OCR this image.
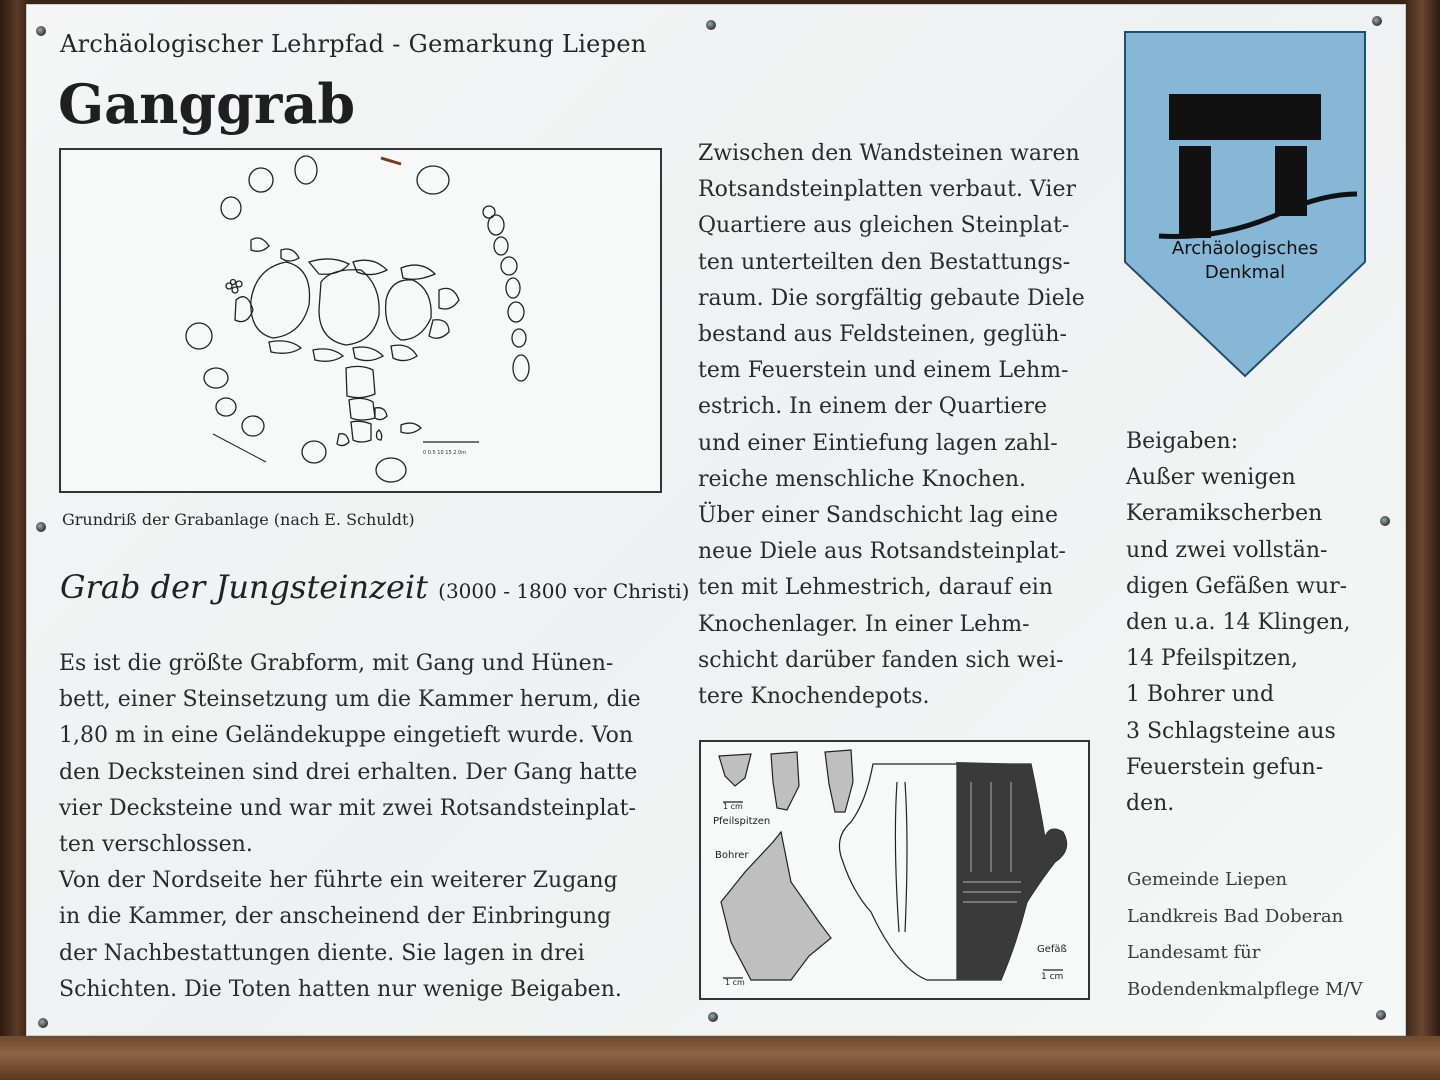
Archäologischer Lehrpfad - Gemarkung Liepen
Ganggrab
0 0.5 10 15 2.0m
Grundriß der Grabanlage (nach E. Schuldt)
Grab der Jungsteinzeit (3000 - 1800 vor Christi)
Es ist die größte Grabform, mit Gang und Hünen-
bett, einer Steinsetzung um die Kammer herum, die
1,80 m in eine Geländekuppe eingetieft wurde. Von
den Decksteinen sind drei erhalten. Der Gang hatte
vier Decksteine und war mit zwei Rotsandsteinplat-
ten verschlossen.
Von der Nordseite her führte ein weiterer Zugang
in die Kammer, der anscheinend der Einbringung
der Nachbestattungen diente. Sie lagen in drei
Schichten. Die Toten hatten nur wenige Beigaben.
Zwischen den Wandsteinen waren
Rotsandsteinplatten verbaut. Vier
Quartiere aus gleichen Steinplat-
ten unterteilten den Bestattungs-
raum. Die sorgfältig gebaute Diele
bestand aus Feldsteinen, geglüh-
tem Feuerstein und einem Lehm-
estrich. In einem der Quartiere
und einer Eintiefung lagen zahl-
reiche menschliche Knochen.
Über einer Sandschicht lag eine
neue Diele aus Rotsandsteinplat-
ten mit Lehmestrich, darauf ein
Knochenlager. In einer Lehm-
schicht darüber fanden sich wei-
tere Knochendepots.
Pfeilspitzen
Bohrer
Gefäß
1 cm
1 cm
1 cm
Archäologisches
Denkmal
Beigaben:
Außer wenigen
Keramikscherben
und zwei vollstän-
digen Gefäßen wur-
den u.a. 14 Klingen,
14 Pfeilspitzen,
1 Bohrer und
3 Schlagsteine aus
Feuerstein gefun-
den.
Gemeinde Liepen
Landkreis Bad Doberan
Landesamt für
Bodendenkmalpflege M/V
